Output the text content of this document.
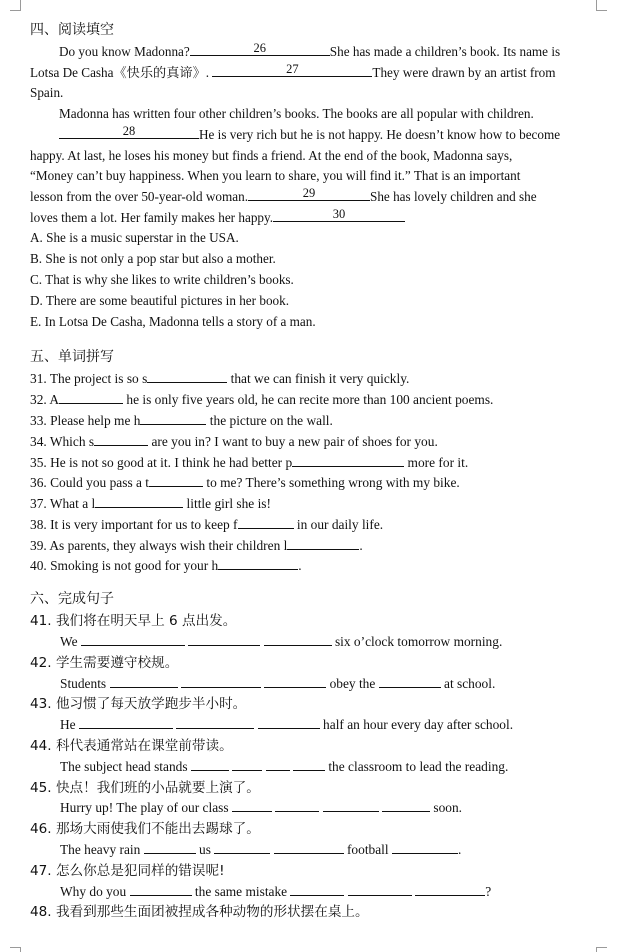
四、阅读填空
Do you know Madonna?	26	She has made a children’s book. Its name is
Lotsa De Casha《快乐的真谛》.	27	They were drawn by an artist from
Spain.
Madonna has written four other children’s books. The books are all popular with children.
28	He is very rich but he is not happy. He doesn’t know how to become
happy. At last, he loses his money but finds a friend. At the end of the book, Madonna says,
“Money can’t buy happiness. When you learn to share, you will find it.” That is an important
lesson from the over 50-year-old woman.	29	She has lovely children and she
loves them a lot. Her family makes her happy.	30
A. She is a music superstar in the USA.
B. She is not only a pop star but also a mother.
C. That is why she likes to write children’s books.
D. There are some beautiful pictures in her book.
E. In Lotsa De Casha, Madonna tells a story of a man.
五、单词拼写
31. The project is so s	that we can finish it very quickly.
32. A	he is only five years old, he can recite more than 100 ancient poems.
33. Please help me h	the picture on the wall.
34. Which s	are you in? I want to buy a new pair of shoes for you.
35. He is not so good at it. I think he had better p	more for it.
36. Could you pass a t	to me? There’s something wrong with my bike.
37. What a l	little girl she is!
38. It is very important for us to keep f	in our daily life.
39. As parents, they always wish their children l	.
40. Smoking is not good for your h	.
六、完成句子
41. 我们将在明天早上 6 点出发。
We	six o’clock tomorrow morning.
42. 学生需要遵守校规。
Students	obey the	at school.
43. 他习惯了每天放学跑步半小时。
He	half an hour every day after school.
44. 科代表通常站在课堂前带读。
The subject head stands	the classroom to lead the reading.
45. 快点！我们班的小品就要上演了。
Hurry up! The play of our class	soon.
46. 那场大雨使我们不能出去踢球了。
The heavy rain	us	football	.
47. 怎么你总是犯同样的错误呢!
Why do you	the same mistake	?
48. 我看到那些生面团被捏成各种动物的形状摆在桌上。
